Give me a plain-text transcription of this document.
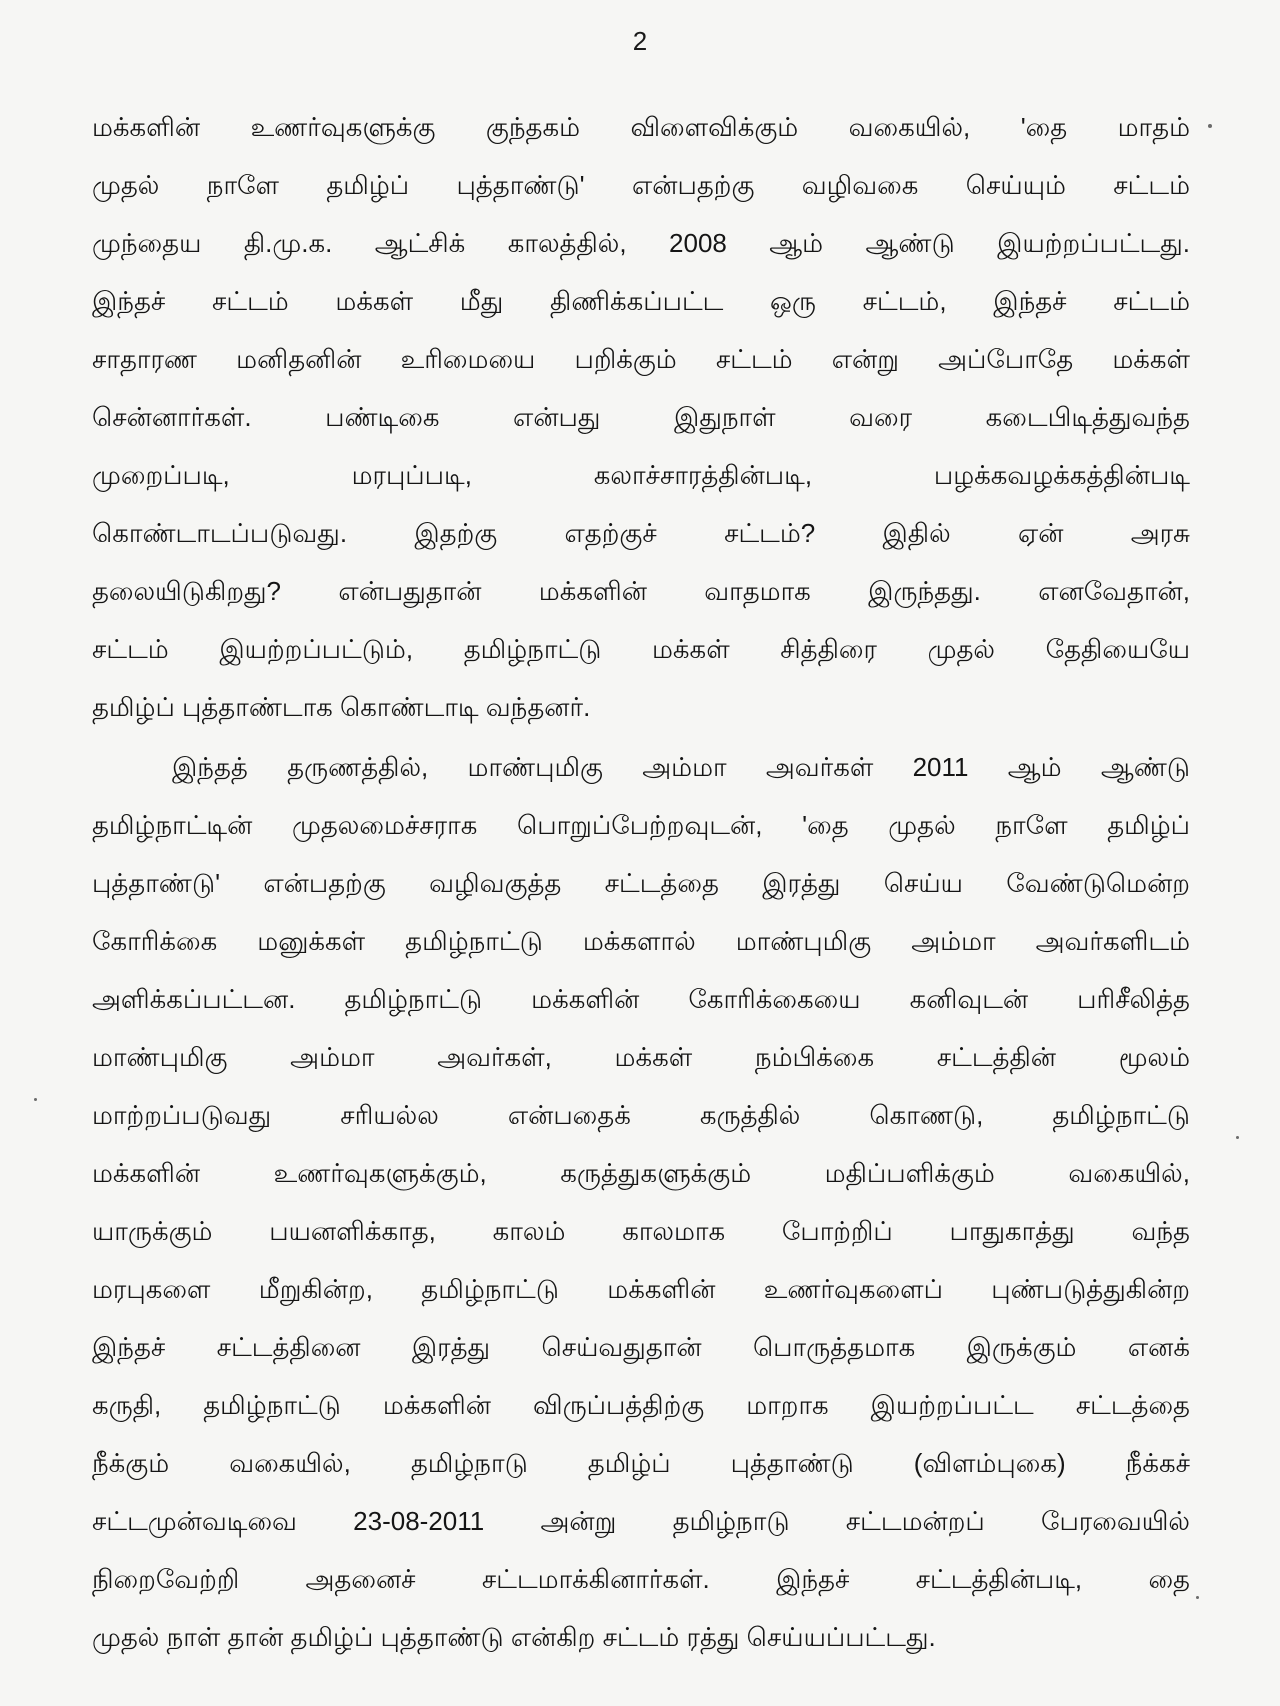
2
மக்களின் உணர்வுகளுக்கு குந்தகம் விளைவிக்கும் வகையில், 'தை மாதம்
முதல் நாளே தமிழ்ப் புத்தாண்டு' என்பதற்கு வழிவகை செய்யும் சட்டம்
முந்தைய தி.மு.க. ஆட்சிக் காலத்தில், 2008 ஆம் ஆண்டு இயற்றப்பட்டது.
இந்தச் சட்டம் மக்கள் மீது திணிக்கப்பட்ட ஒரு சட்டம், இந்தச் சட்டம்
சாதாரண மனிதனின் உரிமையை பறிக்கும் சட்டம் என்று அப்போதே மக்கள்
சென்னார்கள். பண்டிகை என்பது இதுநாள் வரை கடைபிடித்துவந்த
முறைப்படி, மரபுப்படி, கலாச்சாரத்தின்படி, பழக்கவழக்கத்தின்படி
கொண்டாடப்படுவது. இதற்கு எதற்குச் சட்டம்? இதில் ஏன் அரசு
தலையிடுகிறது? என்பதுதான் மக்களின் வாதமாக இருந்தது. எனவேதான்,
சட்டம் இயற்றப்பட்டும், தமிழ்நாட்டு மக்கள் சித்திரை முதல் தேதியையே
தமிழ்ப் புத்தாண்டாக கொண்டாடி வந்தனர்.
இந்தத் தருணத்தில், மாண்புமிகு அம்மா அவர்கள் 2011 ஆம் ஆண்டு
தமிழ்நாட்டின் முதலமைச்சராக பொறுப்பேற்றவுடன், 'தை முதல் நாளே தமிழ்ப்
புத்தாண்டு' என்பதற்கு வழிவகுத்த சட்டத்தை இரத்து செய்ய வேண்டுமென்ற
கோரிக்கை மனுக்கள் தமிழ்நாட்டு மக்களால் மாண்புமிகு அம்மா அவர்களிடம்
அளிக்கப்பட்டன. தமிழ்நாட்டு மக்களின் கோரிக்கையை கனிவுடன் பரிசீலித்த
மாண்புமிகு அம்மா அவர்கள், மக்கள் நம்பிக்கை சட்டத்தின் மூலம்
மாற்றப்படுவது சரியல்ல என்பதைக் கருத்தில் கொணடு, தமிழ்நாட்டு
மக்களின் உணர்வுகளுக்கும், கருத்துகளுக்கும் மதிப்பளிக்கும் வகையில்,
யாருக்கும் பயனளிக்காத, காலம் காலமாக போற்றிப் பாதுகாத்து வந்த
மரபுகளை மீறுகின்ற, தமிழ்நாட்டு மக்களின் உணர்வுகளைப் புண்படுத்துகின்ற
இந்தச் சட்டத்தினை இரத்து செய்வதுதான் பொருத்தமாக இருக்கும் எனக்
கருதி, தமிழ்நாட்டு மக்களின் விருப்பத்திற்கு மாறாக இயற்றப்பட்ட சட்டத்தை
நீக்கும் வகையில், தமிழ்நாடு தமிழ்ப் புத்தாண்டு (விளம்புகை) நீக்கச்
சட்டமுன்வடிவை 23-08-2011 அன்று தமிழ்நாடு சட்டமன்றப் பேரவையில்
நிறைவேற்றி அதனைச் சட்டமாக்கினார்கள். இந்தச் சட்டத்தின்படி, தை
முதல் நாள் தான் தமிழ்ப் புத்தாண்டு என்கிற சட்டம் ரத்து செய்யப்பட்டது.
